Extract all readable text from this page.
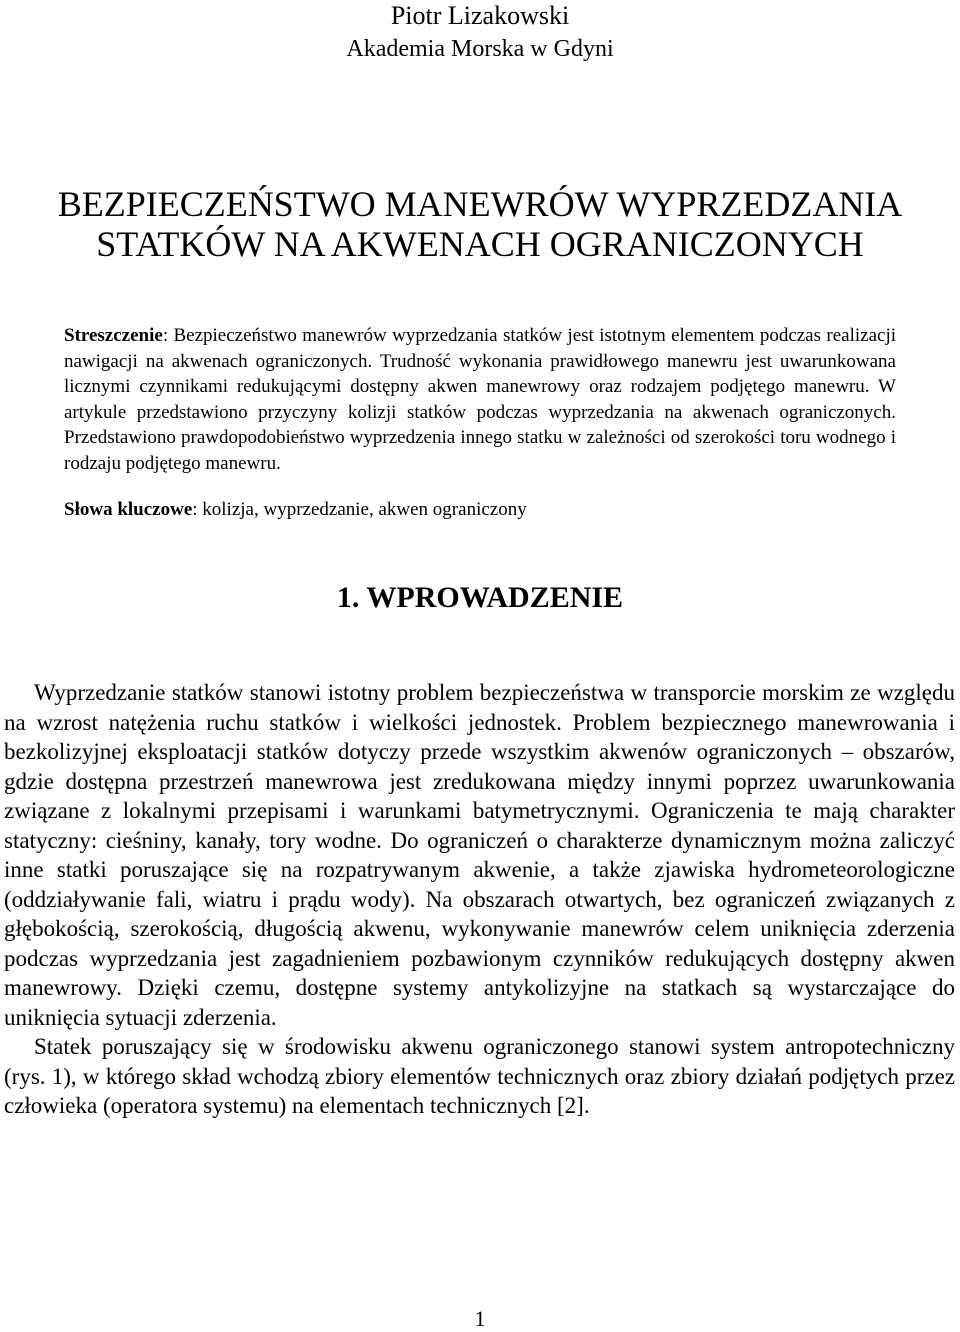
Piotr Lizakowski
Akademia Morska w Gdyni
BEZPIECZEŃSTWO MANEWRÓW WYPRZEDZANIA
STATKÓW NA AKWENACH OGRANICZONYCH
Streszczenie: Bezpieczeństwo manewrów wyprzedzania statków jest istotnym elementem podczas realizacji nawigacji na akwenach ograniczonych. Trudność wykonania prawidłowego manewru jest uwarunkowana licznymi czynnikami redukującymi dostępny akwen manewrowy oraz rodzajem podjętego manewru. W artykule przedstawiono przyczyny kolizji statków podczas wyprzedzania na akwenach ograniczonych. Przedstawiono prawdopodobieństwo wyprzedzenia innego statku w zależności od szerokości toru wodnego i rodzaju podjętego manewru.
Słowa kluczowe: kolizja, wyprzedzanie, akwen ograniczony
1. WPROWADZENIE

Wyprzedzanie statków stanowi istotny problem bezpieczeństwa w transporcie morskim ze względu na wzrost natężenia ruchu statków i wielkości jednostek. Problem bezpiecznego manewrowania i bezkolizyjnej eksploatacji statków dotyczy przede wszystkim akwenów ograniczonych – obszarów, gdzie dostępna przestrzeń manewrowa jest zredukowana między innymi poprzez uwarunkowania związane z lokalnymi przepisami i warunkami batymetrycznymi. Ograniczenia te mają charakter statyczny: cieśniny, kanały, tory wodne. Do ograniczeń o charakterze dynamicznym można zaliczyć inne statki poruszające się na rozpatrywanym akwenie, a także zjawiska hydrometeorologiczne (oddziaływanie fali, wiatru i prądu wody). Na obszarach otwartych, bez ograniczeń związanych z głębokością, szerokością, długością akwenu, wykonywanie manewrów celem uniknięcia zderzenia podczas wyprzedzania jest zagadnieniem pozbawionym czynników redukujących dostępny akwen manewrowy. Dzięki czemu, dostępne systemy antykolizyjne na statkach są wystarczające do uniknięcia sytuacji zderzenia.

Statek poruszający się w środowisku akwenu ograniczonego stanowi system antropotechniczny (rys. 1), w którego skład wchodzą zbiory elementów technicznych oraz zbiory działań podjętych przez człowieka (operatora systemu) na elementach technicznych [2].

1
